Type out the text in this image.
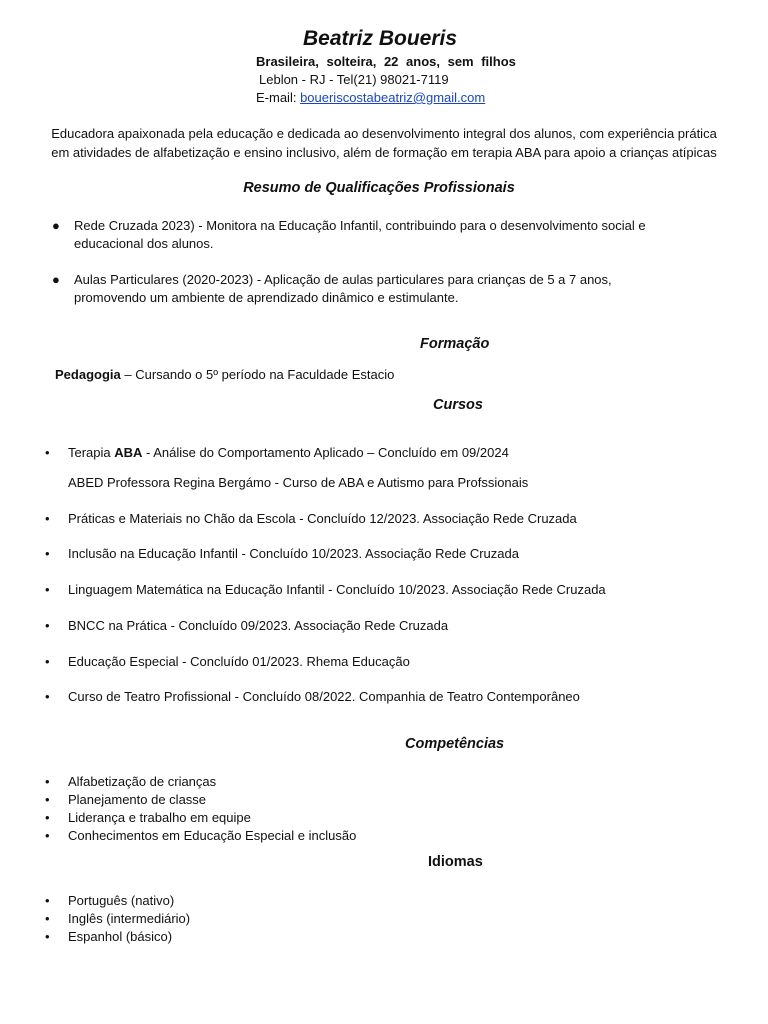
Beatriz Boueris
Brasileira, solteira, 22 anos, sem filhos
Leblon - RJ - Tel(21) 98021-7119
E-mail: boueriscostabeatriz@gmail.com
Educadora apaixonada pela educação e dedicada ao desenvolvimento integral dos alunos, com experiência prática
em atividades de alfabetização e ensino inclusivo, além de formação em terapia ABA para apoio a crianças atípicas
Resumo de Qualificações Profissionais
● Rede Cruzada 2023) - Monitora na Educação Infantil, contribuindo para o desenvolvimento social e
educacional dos alunos.
● Aulas Particulares (2020-2023) - Aplicação de aulas particulares para crianças de 5 a 7 anos,
promovendo um ambiente de aprendizado dinâmico e estimulante.
Formação
Pedagogia – Cursando o 5º período na Faculdade Estacio
Cursos
• Terapia ABA - Análise do Comportamento Aplicado – Concluído em 09/2024
ABED Professora Regina Bergámo - Curso de ABA e Autismo para Profssionais
• Práticas e Materiais no Chão da Escola - Concluído 12/2023. Associação Rede Cruzada
• Inclusão na Educação Infantil - Concluído 10/2023. Associação Rede Cruzada
• Linguagem Matemática na Educação Infantil - Concluído 10/2023. Associação Rede Cruzada
• BNCC na Prática - Concluído 09/2023. Associação Rede Cruzada
• Educação Especial - Concluído 01/2023. Rhema Educação
• Curso de Teatro Profissional - Concluído 08/2022. Companhia de Teatro Contemporâneo
Competências
• Alfabetização de crianças
• Planejamento de classe
• Liderança e trabalho em equipe
• Conhecimentos em Educação Especial e inclusão
Idiomas
• Português (nativo)
• Inglês (intermediário)
• Espanhol (básico)
